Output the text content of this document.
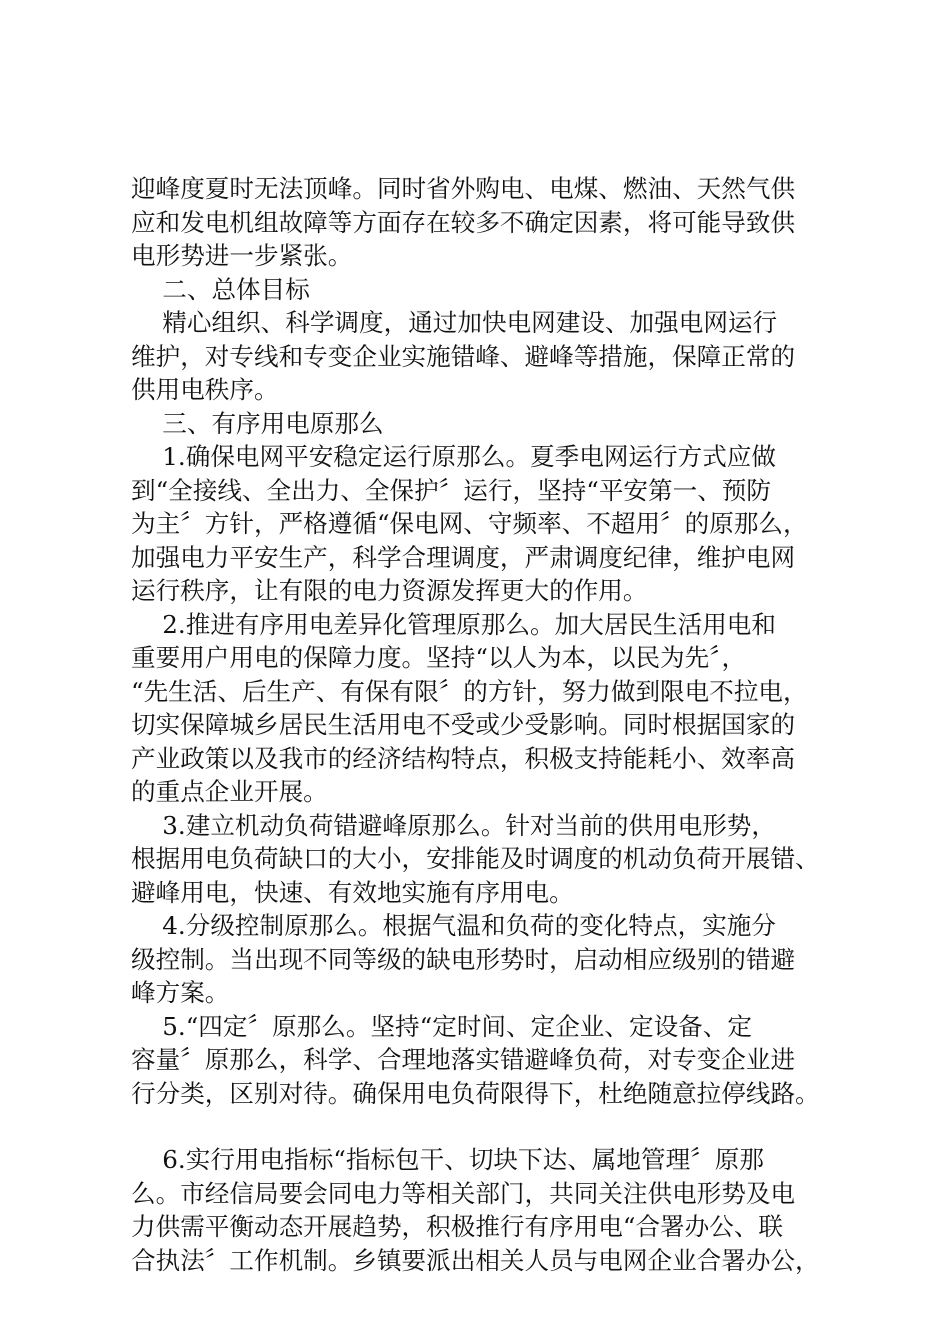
迎峰度夏时无法顶峰。同时省外购电、电煤、燃油、天然气供

应和发电机组故障等方面存在较多不确定因素，将可能导致供

电形势进一步紧张。

二、总体目标

精心组织、科学调度，通过加快电网建设、加强电网运行

维护，对专线和专变企业实施错峰、避峰等措施，保障正常的

供用电秩序。

三、有序用电原那么

1.确保电网平安稳定运行原那么。夏季电网运行方式应做

到“全接线、全出力、全保护〞运行，坚持“平安第一、预防

为主〞方针，严格遵循“保电网、守频率、不超用〞的原那么，

加强电力平安生产，科学合理调度，严肃调度纪律，维护电网

运行秩序，让有限的电力资源发挥更大的作用。

2.推进有序用电差异化管理原那么。加大居民生活用电和

重要用户用电的保障力度。坚持“以人为本，以民为先〞，

“先生活、后生产、有保有限〞的方针，努力做到限电不拉电，

切实保障城乡居民生活用电不受或少受影响。同时根据国家的

产业政策以及我市的经济结构特点，积极支持能耗小、效率高

的重点企业开展。

3.建立机动负荷错避峰原那么。针对当前的供用电形势，

根据用电负荷缺口的大小，安排能及时调度的机动负荷开展错、

避峰用电，快速、有效地实施有序用电。

4.分级控制原那么。根据气温和负荷的变化特点，实施分

级控制。当出现不同等级的缺电形势时，启动相应级别的错避

峰方案。

5.“四定〞原那么。坚持“定时间、定企业、定设备、定

容量〞原那么，科学、合理地落实错避峰负荷，对专变企业进

行分类，区别对待。确保用电负荷限得下，杜绝随意拉停线路。

6.实行用电指标“指标包干、切块下达、属地管理〞原那

么。市经信局要会同电力等相关部门，共同关注供电形势及电

力供需平衡动态开展趋势，积极推行有序用电“合署办公、联

合执法〞工作机制。乡镇要派出相关人员与电网企业合署办公，
